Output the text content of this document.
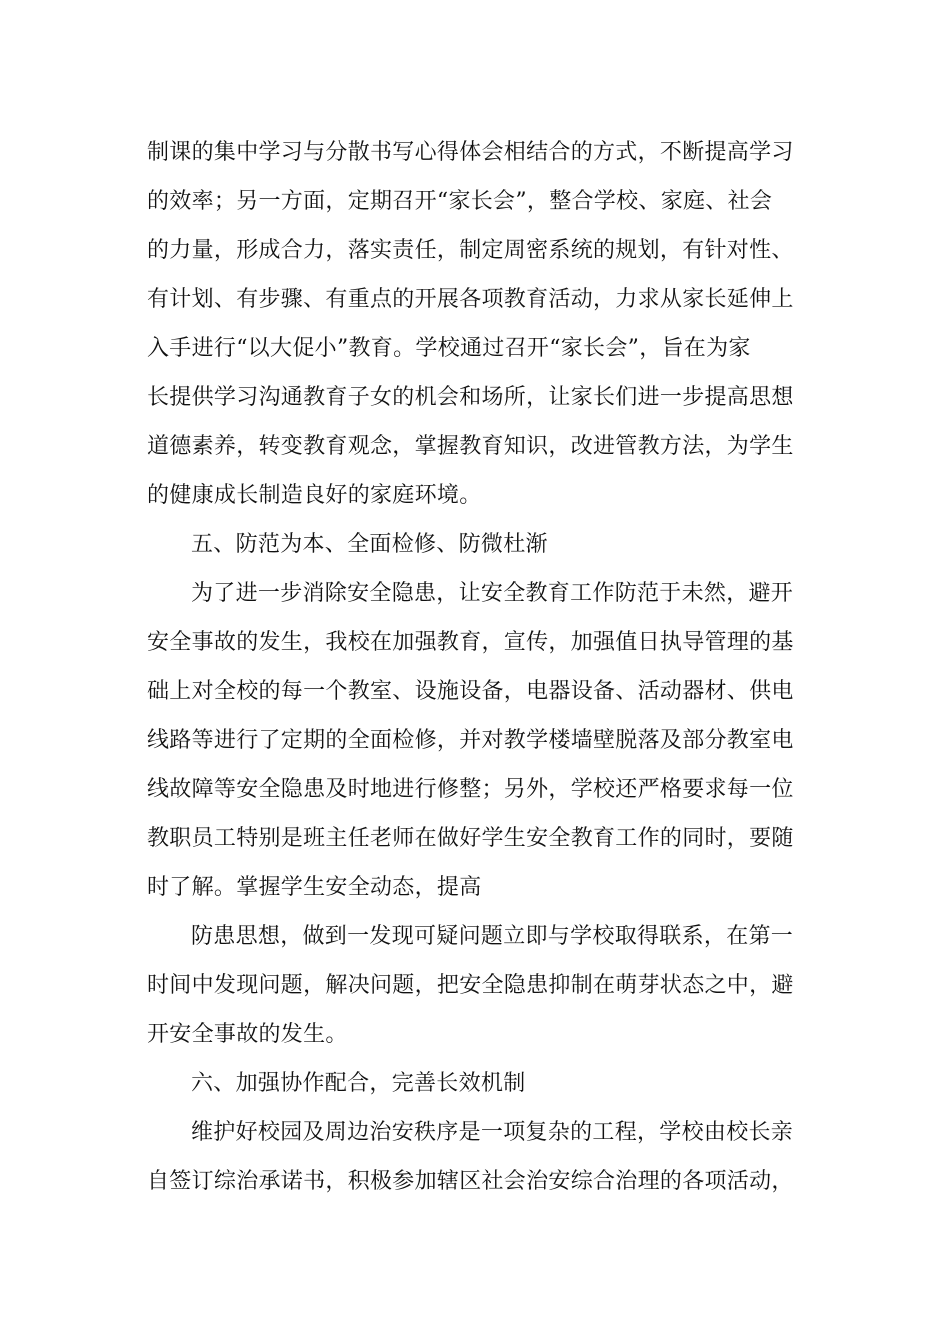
制课的集中学习与分散书写心得体会相结合的方式，不断提高学习
的效率；另一方面，定期召开“家长会”，整合学校、家庭、社会
的力量，形成合力，落实责任，制定周密系统的规划，有针对性、
有计划、有步骤、有重点的开展各项教育活动，力求从家长延伸上
入手进行“以大促小”教育。学校通过召开“家长会”，旨在为家
长提供学习沟通教育子女的机会和场所，让家长们进一步提高思想
道德素养，转变教育观念，掌握教育知识，改进管教方法，为学生
的健康成长制造良好的家庭环境。
五、防范为本、全面检修、防微杜渐
为了进一步消除安全隐患，让安全教育工作防范于未然，避开
安全事故的发生，我校在加强教育，宣传，加强值日执导管理的基
础上对全校的每一个教室、设施设备，电器设备、活动器材、供电
线路等进行了定期的全面检修，并对教学楼墙壁脱落及部分教室电
线故障等安全隐患及时地进行修整；另外，学校还严格要求每一位
教职员工特别是班主任老师在做好学生安全教育工作的同时，要随
时了解。掌握学生安全动态，提高
防患思想，做到一发现可疑问题立即与学校取得联系，在第一
时间中发现问题，解决问题，把安全隐患抑制在萌芽状态之中，避
开安全事故的发生。
六、加强协作配合，完善长效机制
维护好校园及周边治安秩序是一项复杂的工程，学校由校长亲
自签订综治承诺书，积极参加辖区社会治安综合治理的各项活动，
